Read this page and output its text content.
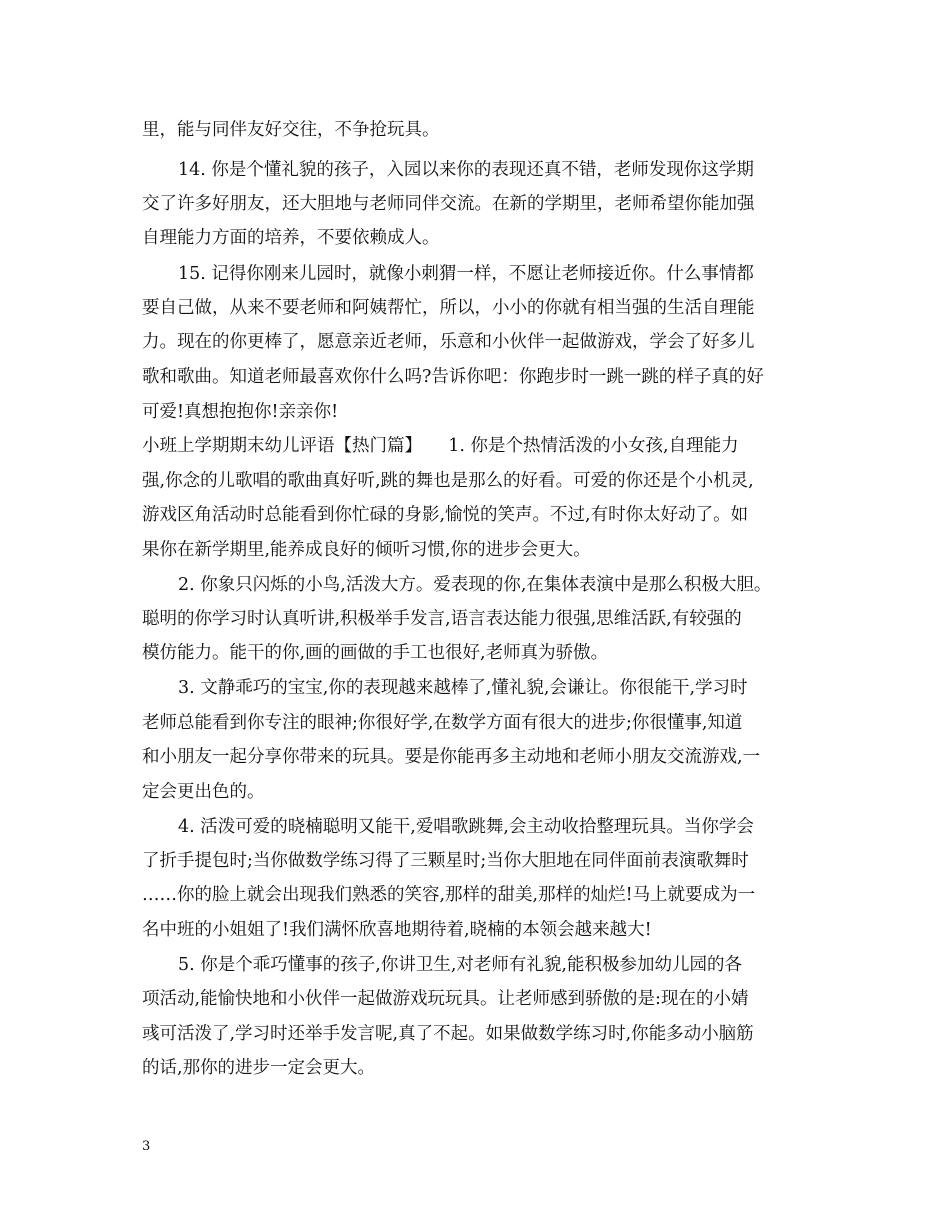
里，能与同伴友好交往，不争抢玩具。
14. 你是个懂礼貌的孩子，入园以来你的表现还真不错，老师发现你这学期
交了许多好朋友，还大胆地与老师同伴交流。在新的学期里，老师希望你能加强
自理能力方面的培养，不要依赖成人。
15. 记得你刚来儿园时，就像小刺猬一样，不愿让老师接近你。什么事情都
要自己做，从来不要老师和阿姨帮忙，所以，小小的你就有相当强的生活自理能
力。现在的你更棒了，愿意亲近老师，乐意和小伙伴一起做游戏，学会了好多儿
歌和歌曲。知道老师最喜欢你什么吗?告诉你吧：你跑步时一跳一跳的样子真的好
可爱!真想抱抱你!亲亲你!
小班上学期期末幼儿评语【热门篇】　　1. 你是个热情活泼的小女孩,自理能力
强,你念的儿歌唱的歌曲真好听,跳的舞也是那么的好看。可爱的你还是个小机灵,
游戏区角活动时总能看到你忙碌的身影,愉悦的笑声。不过,有时你太好动了。如
果你在新学期里,能养成良好的倾听习惯,你的进步会更大。
2. 你象只闪烁的小鸟,活泼大方。爱表现的你,在集体表演中是那么积极大胆。
聪明的你学习时认真听讲,积极举手发言,语言表达能力很强,思维活跃,有较强的
模仿能力。能干的你,画的画做的手工也很好,老师真为骄傲。
3. 文静乖巧的宝宝,你的表现越来越棒了,懂礼貌,会谦让。你很能干,学习时
老师总能看到你专注的眼神;你很好学,在数学方面有很大的进步;你很懂事,知道
和小朋友一起分享你带来的玩具。要是你能再多主动地和老师小朋友交流游戏,一
定会更出色的。
4. 活泼可爱的晓楠聪明又能干,爱唱歌跳舞,会主动收拾整理玩具。当你学会
了折手提包时;当你做数学练习得了三颗星时;当你大胆地在同伴面前表演歌舞时
……你的脸上就会出现我们熟悉的笑容,那样的甜美,那样的灿烂!马上就要成为一
名中班的小姐姐了!我们满怀欣喜地期待着,晓楠的本领会越来越大!
5. 你是个乖巧懂事的孩子,你讲卫生,对老师有礼貌,能积极参加幼儿园的各
项活动,能愉快地和小伙伴一起做游戏玩玩具。让老师感到骄傲的是:现在的小婧
彧可活泼了,学习时还举手发言呢,真了不起。如果做数学练习时,你能多动小脑筋
的话,那你的进步一定会更大。
3
